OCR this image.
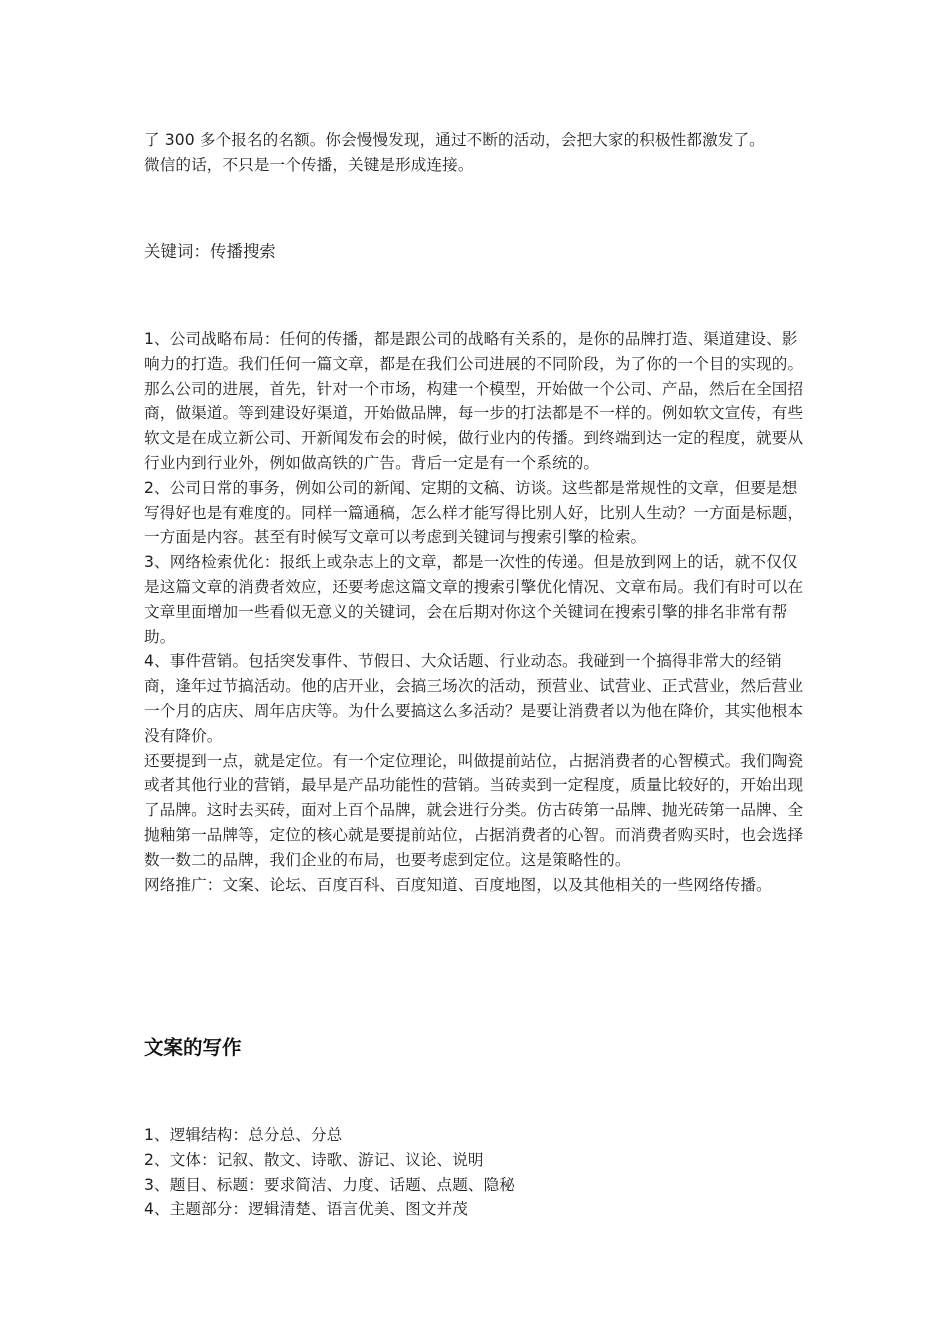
了 300 多个报名的名额。你会慢慢发现，通过不断的活动，会把大家的积极性都激发了。

微信的话，不只是一个传播，关键是形成连接。

关键词：传播搜索

1、公司战略布局：任何的传播，都是跟公司的战略有关系的，是你的品牌打造、渠道建设、影响力的打造。我们任何一篇文章，都是在我们公司进展的不同阶段，为了你的一个目的实现的。那么公司的进展，首先，针对一个市场，构建一个模型，开始做一个公司、产品，然后在全国招商，做渠道。等到建设好渠道，开始做品牌，每一步的打法都是不一样的。例如软文宣传，有些软文是在成立新公司、开新闻发布会的时候，做行业内的传播。到终端到达一定的程度，就要从行业内到行业外，例如做高铁的广告。背后一定是有一个系统的。

2、公司日常的事务，例如公司的新闻、定期的文稿、访谈。这些都是常规性的文章，但要是想写得好也是有难度的。同样一篇通稿，怎么样才能写得比别人好，比别人生动？一方面是标题，一方面是内容。甚至有时候写文章可以考虑到关键词与搜索引擎的检索。

3、网络检索优化：报纸上或杂志上的文章，都是一次性的传递。但是放到网上的话，就不仅仅是这篇文章的消费者效应，还要考虑这篇文章的搜索引擎优化情况、文章布局。我们有时可以在文章里面增加一些看似无意义的关键词，会在后期对你这个关键词在搜索引擎的排名非常有帮助。

4、事件营销。包括突发事件、节假日、大众话题、行业动态。我碰到一个搞得非常大的经销商，逢年过节搞活动。他的店开业，会搞三场次的活动，预营业、试营业、正式营业，然后营业一个月的店庆、周年店庆等。为什么要搞这么多活动？是要让消费者以为他在降价，其实他根本没有降价。

还要提到一点，就是定位。有一个定位理论，叫做提前站位，占据消费者的心智模式。我们陶瓷或者其他行业的营销，最早是产品功能性的营销。当砖卖到一定程度，质量比较好的，开始出现了品牌。这时去买砖，面对上百个品牌，就会进行分类。仿古砖第一品牌、抛光砖第一品牌、全抛釉第一品牌等，定位的核心就是要提前站位，占据消费者的心智。而消费者购买时，也会选择数一数二的品牌，我们企业的布局，也要考虑到定位。这是策略性的。

网络推广：文案、论坛、百度百科、百度知道、百度地图，以及其他相关的一些网络传播。

文案的写作

1、逻辑结构：总分总、分总

2、文体：记叙、散文、诗歌、游记、议论、说明

3、题目、标题：要求简洁、力度、话题、点题、隐秘

4、主题部分：逻辑清楚、语言优美、图文并茂
